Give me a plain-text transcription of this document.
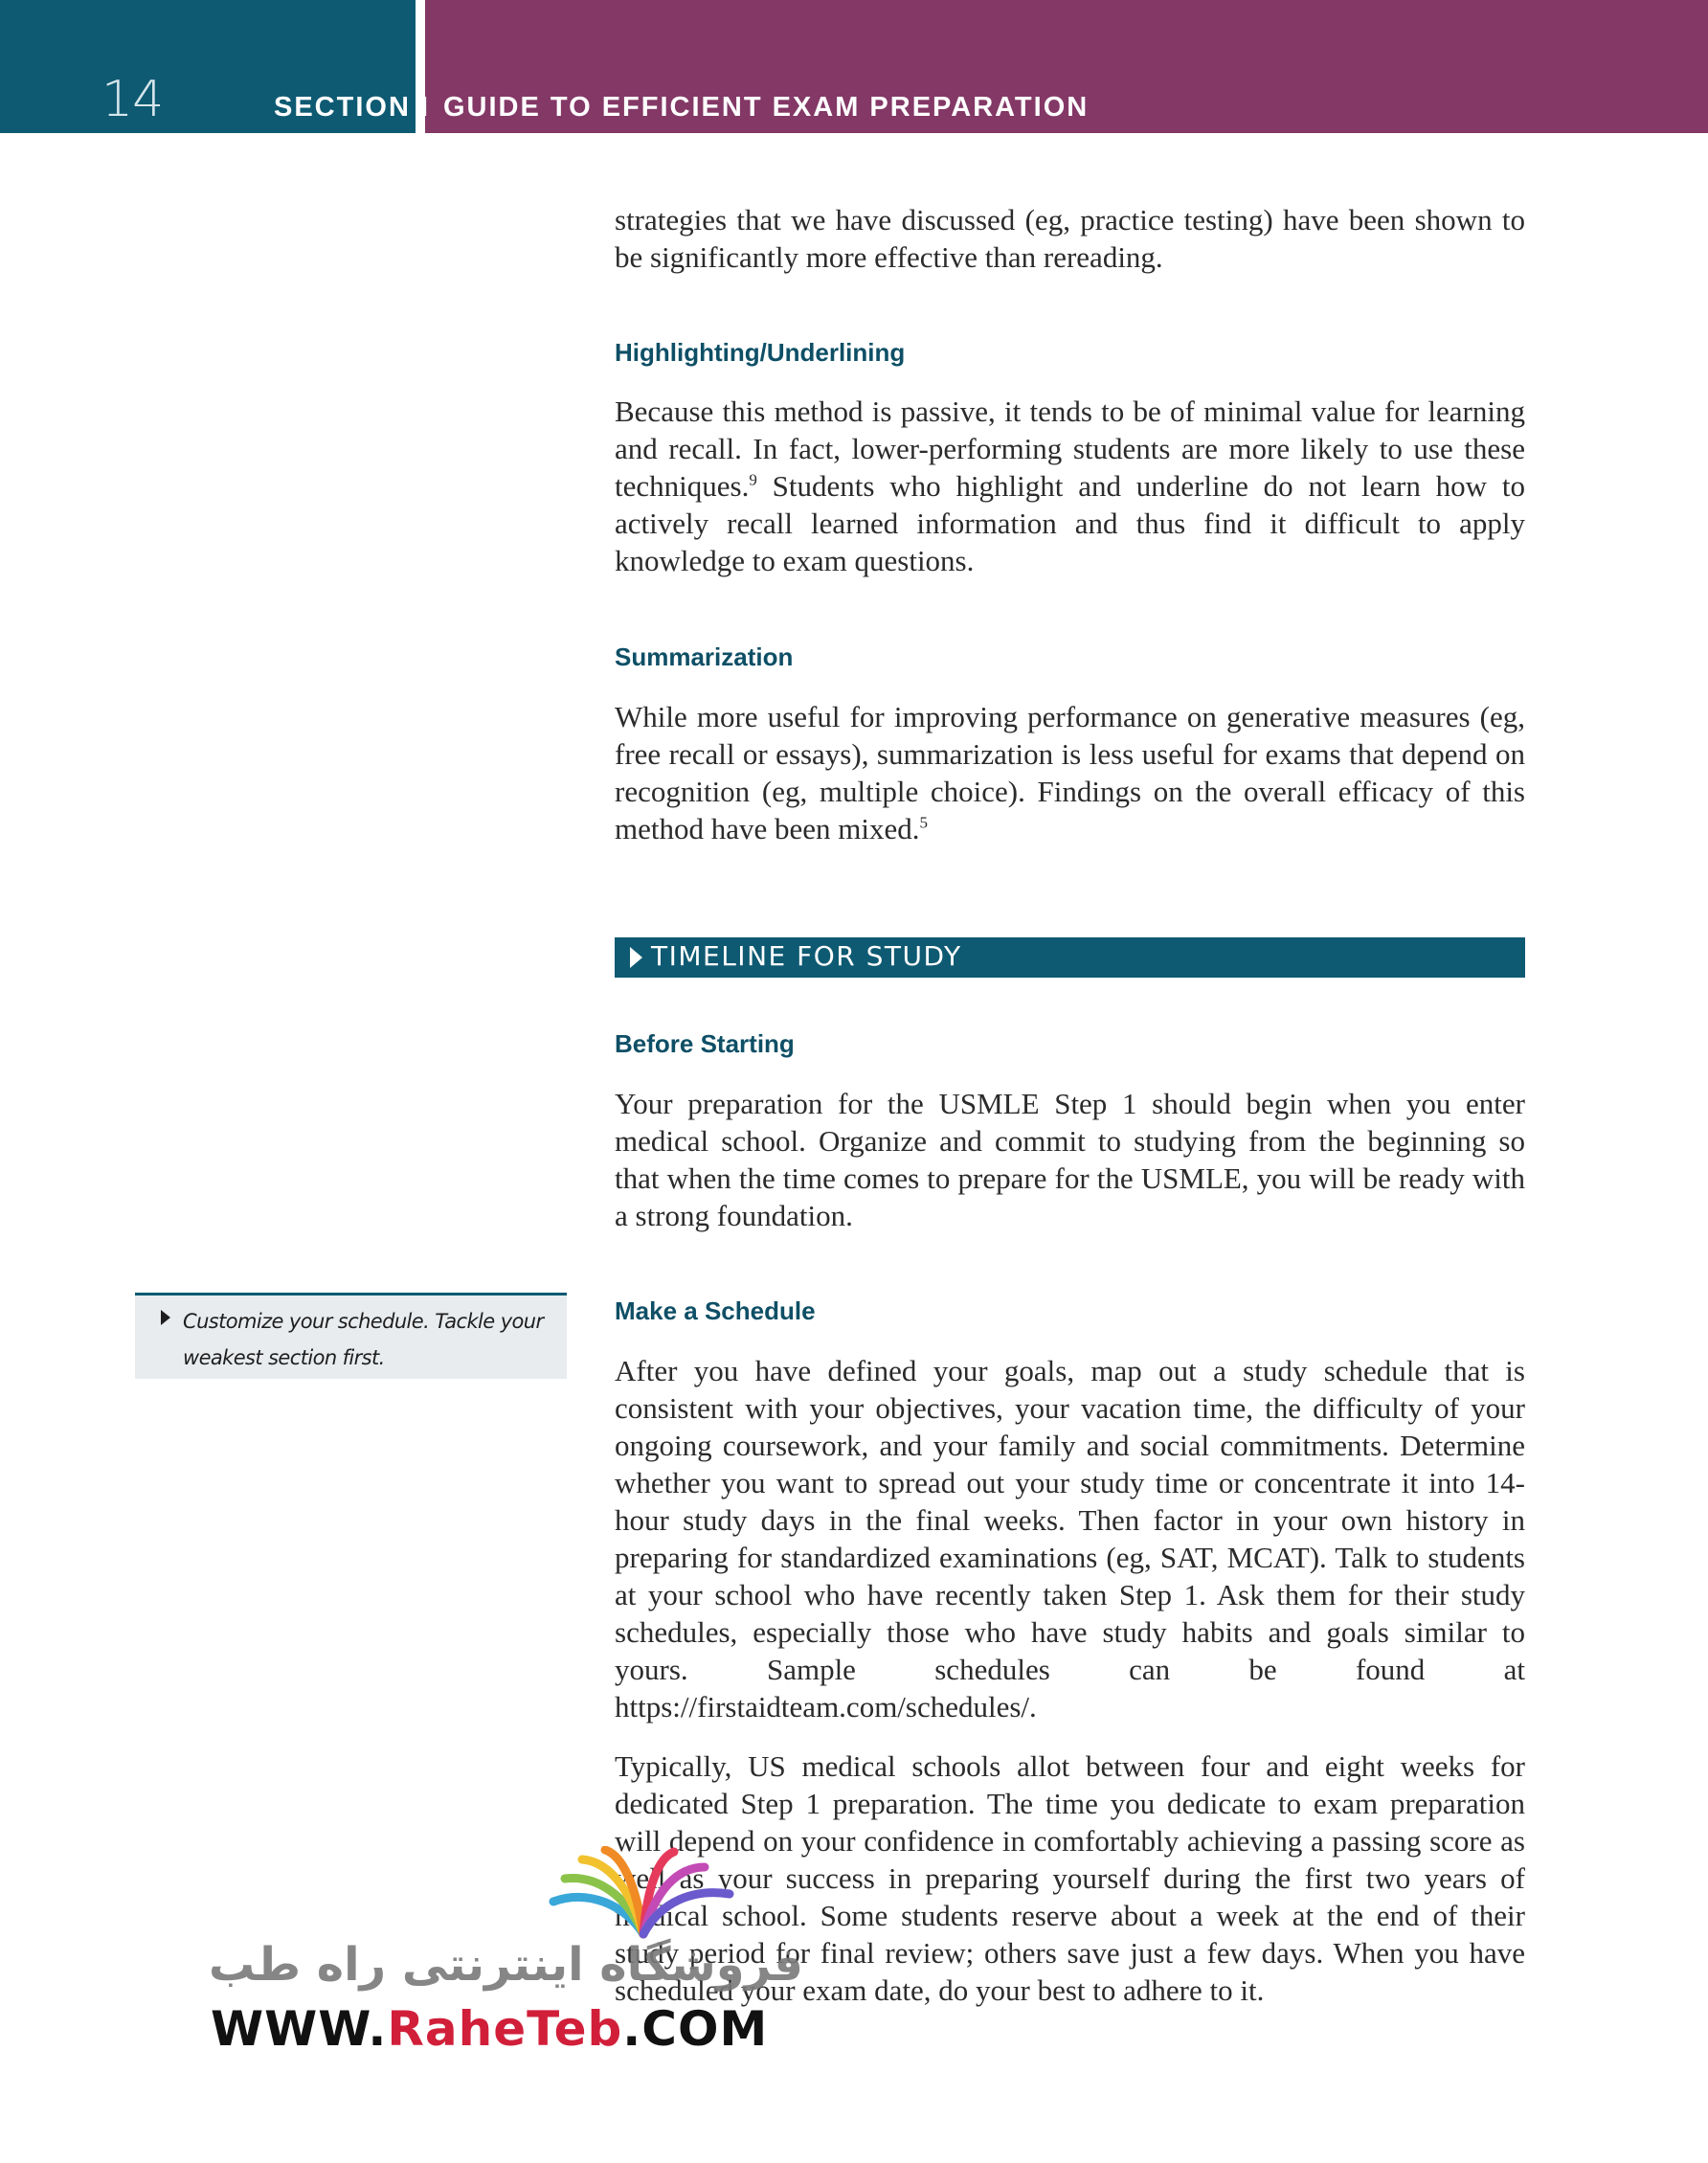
14	SECTION I GUIDE TO EFFICIENT EXAM PREPARATION

strategies that we have discussed (eg, practice testing) have been shown to be significantly more effective than rereading.

Highlighting/Underlining

Because this method is passive, it tends to be of minimal value for learning and recall. In fact, lower-performing students are more likely to use these techniques.$^9$ Students who highlight and underline do not learn how to actively recall learned information and thus find it difficult to apply knowledge to exam questions.

Summarization

While more useful for improving performance on generative measures (eg, free recall or essays), summarization is less useful for exams that depend on recognition (eg, multiple choice). Findings on the overall efficacy of this method have been mixed.$^5$

TIMELINE FOR STUDY
Before Starting

Your preparation for the USMLE Step 1 should begin when you enter medical school. Organize and commit to studying from the beginning so that when the time comes to prepare for the USMLE, you will be ready with a strong foundation.

Customize your schedule. Tackle your weakest section first.
Make a Schedule

After you have defined your goals, map out a study schedule that is consistent with your objectives, your vacation time, the difficulty of your ongoing coursework, and your family and social commitments. Determine whether you want to spread out your study time or concentrate it into 14-hour study days in the final weeks. Then factor in your own history in preparing for standardized examinations (eg, SAT, MCAT). Talk to students at your school who have recently taken Step 1. Ask them for their study schedules, especially those who have study habits and goals similar to yours. Sample schedules can be found at https://firstaidteam.com/schedules/.

Typically, US medical schools allot between four and eight weeks for dedicated Step 1 preparation. The time you dedicate to exam preparation will depend on your confidence in comfortably achieving a passing score as well as your success in preparing yourself during the first two years of medical school. Some students reserve about a week at the end of their study period for final review; others save just a few days. When you have scheduled your exam date, do your best to adhere to it.

فروشگاه اینترنتی راه طب
WWW.RaheTeb.COM
